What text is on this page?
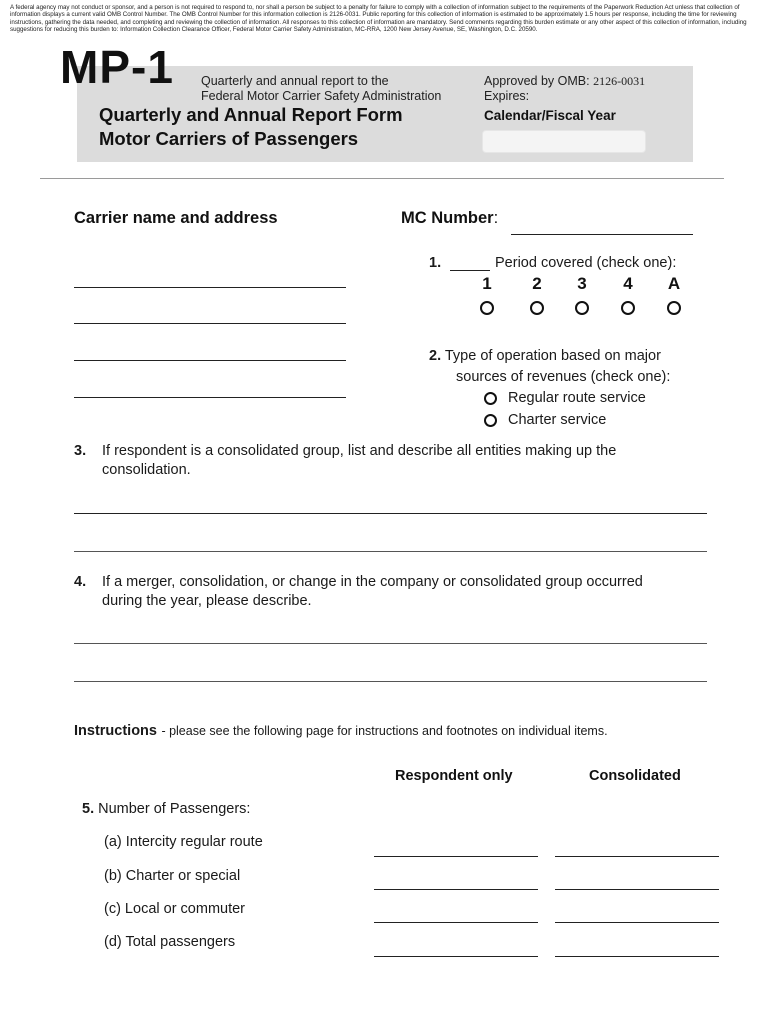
A federal agency may not conduct or sponsor, and a person is not required to respond to, nor shall a person be subject to a penalty for failure to comply with a collection of information subject to the requirements of the Paperwork Reduction Act unless that collection of information displays a current valid OMB Control Number. The OMB Control Number for this information collection is 2126-0031. Public reporting for this collection of information is estimated to be approximately 1.5 hours per response, including the time for reviewing instructions, gathering the data needed, and completing and reviewing the collection of information. All responses to this collection of information are mandatory. Send comments regarding this burden estimate or any other aspect of this collection of information, including suggestions for reducing this burden to: Information Collection Clearance Officer, Federal Motor Carrier Safety Administration, MC-RRA, 1200 New Jersey Avenue, SE, Washington, D.C. 20590.
MP-1 Quarterly and annual report to the
Federal Motor Carrier Safety Administration
Quarterly and Annual Report Form
Motor Carriers of Passengers
Approved by OMB: 2126-0031
Expires:
Calendar/Fiscal Year
Carrier name and address	MC Number:
1.	Period covered (check one):
1	2	3	4	A
2. Type of operation based on major
sources of revenues (check one):
Regular route service
Charter service
3. If respondent is a consolidated group, list and describe all entities making up the
consolidation.
4. If a merger, consolidation, or change in the company or consolidated group occurred
during the year, please describe.
Instructions - please see the following page for instructions and footnotes on individual items.
Respondent only	Consolidated
5. Number of Passengers:
(a) Intercity regular route
(b) Charter or special
(c) Local or commuter
(d) Total passengers
